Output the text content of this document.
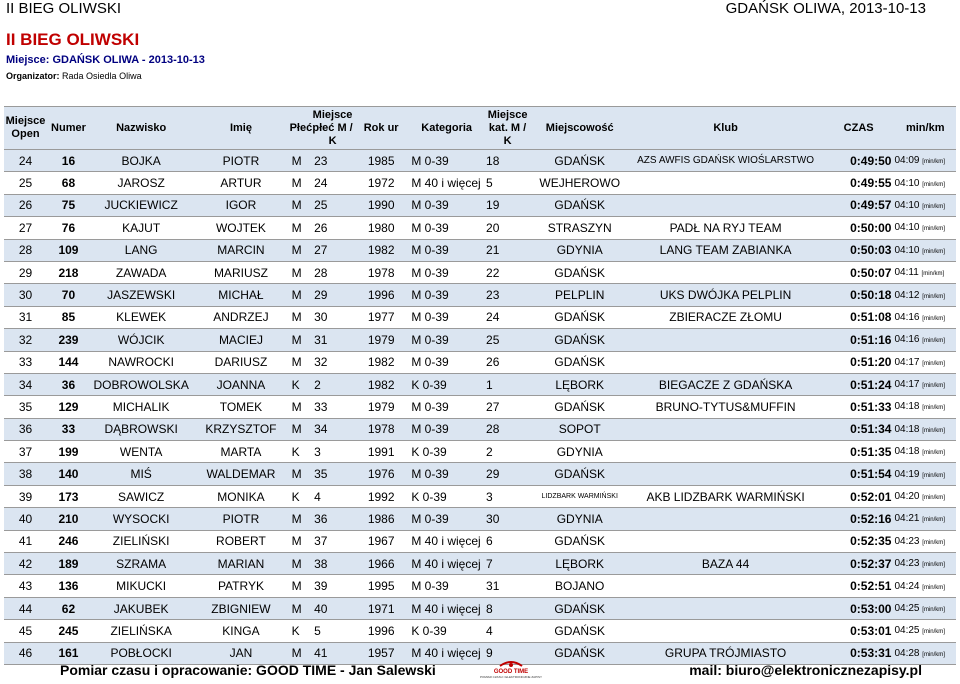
II BIEG OLIWSKI	GDAŃSK OLIWA, 2013-10-13
II BIEG OLIWSKI
Miejsce: GDAŃSK OLIWA - 2013-10-13
Organizator: Rada Osiedla Oliwa
Miejsce Open	Numer	Nazwisko	Imię	Płeć	Miejsce płeć M / K	Rok ur	Kategoria	Miejsce kat. M / K	Miejscowość	Klub	CZAS	min/km
24	16	BOJKA	PIOTR	M	23	1985	M 0-39	18	GDAŃSK	AZS AWFIS GDAŃSK WIOŚLARSTWO	0:49:50	04:09 [min/km]
25	68	JAROSZ	ARTUR	M	24	1972	M 40 i więcej	5	WEJHEROWO		0:49:55	04:10 [min/km]
26	75	JUCKIEWICZ	IGOR	M	25	1990	M 0-39	19	GDAŃSK		0:49:57	04:10 [min/km]
27	76	KAJUT	WOJTEK	M	26	1980	M 0-39	20	STRASZYN	PADŁ NA RYJ TEAM	0:50:00	04:10 [min/km]
28	109	LANG	MARCIN	M	27	1982	M 0-39	21	GDYNIA	LANG TEAM ZABIANKA	0:50:03	04:10 [min/km]
29	218	ZAWADA	MARIUSZ	M	28	1978	M 0-39	22	GDAŃSK		0:50:07	04:11 [min/km]
30	70	JASZEWSKI	MICHAŁ	M	29	1996	M 0-39	23	PELPLIN	UKS DWÓJKA PELPLIN	0:50:18	04:12 [min/km]
31	85	KLEWEK	ANDRZEJ	M	30	1977	M 0-39	24	GDAŃSK	ZBIERACZE ZŁOMU	0:51:08	04:16 [min/km]
32	239	WÓJCIK	MACIEJ	M	31	1979	M 0-39	25	GDAŃSK		0:51:16	04:16 [min/km]
33	144	NAWROCKI	DARIUSZ	M	32	1982	M 0-39	26	GDAŃSK		0:51:20	04:17 [min/km]
34	36	DOBROWOLSKA	JOANNA	K	2	1982	K 0-39	1	LĘBORK	BIEGACZE Z GDAŃSKA	0:51:24	04:17 [min/km]
35	129	MICHALIK	TOMEK	M	33	1979	M 0-39	27	GDAŃSK	BRUNO-TYTUS&MUFFIN	0:51:33	04:18 [min/km]
36	33	DĄBROWSKI	KRZYSZTOF	M	34	1978	M 0-39	28	SOPOT		0:51:34	04:18 [min/km]
37	199	WENTA	MARTA	K	3	1991	K 0-39	2	GDYNIA		0:51:35	04:18 [min/km]
38	140	MIŚ	WALDEMAR	M	35	1976	M 0-39	29	GDAŃSK		0:51:54	04:19 [min/km]
39	173	SAWICZ	MONIKA	K	4	1992	K 0-39	3	LIDZBARK WARMIŃSKI	AKB LIDZBARK WARMIŃSKI	0:52:01	04:20 [min/km]
40	210	WYSOCKI	PIOTR	M	36	1986	M 0-39	30	GDYNIA		0:52:16	04:21 [min/km]
41	246	ZIELIŃSKI	ROBERT	M	37	1967	M 40 i więcej	6	GDAŃSK		0:52:35	04:23 [min/km]
42	189	SZRAMA	MARIAN	M	38	1966	M 40 i więcej	7	LĘBORK	BAZA 44	0:52:37	04:23 [min/km]
43	136	MIKUCKI	PATRYK	M	39	1995	M 0-39	31	BOJANO		0:52:51	04:24 [min/km]
44	62	JAKUBEK	ZBIGNIEW	M	40	1971	M 40 i więcej	8	GDAŃSK		0:53:00	04:25 [min/km]
45	245	ZIELIŃSKA	KINGA	K	5	1996	K 0-39	4	GDAŃSK		0:53:01	04:25 [min/km]
46	161	POBŁOCKI	JAN	M	41	1957	M 40 i więcej	9	GDAŃSK	GRUPA TRÓJMIASTO	0:53:31	04:28 [min/km]
Pomiar czasu i opracowanie: GOOD TIME - Jan Salewski	mail: biuro@elektronicznezapisy.pl
GOOD TIME
POMIAR CZASU I ELEKTRONICZNE ZAPISY
